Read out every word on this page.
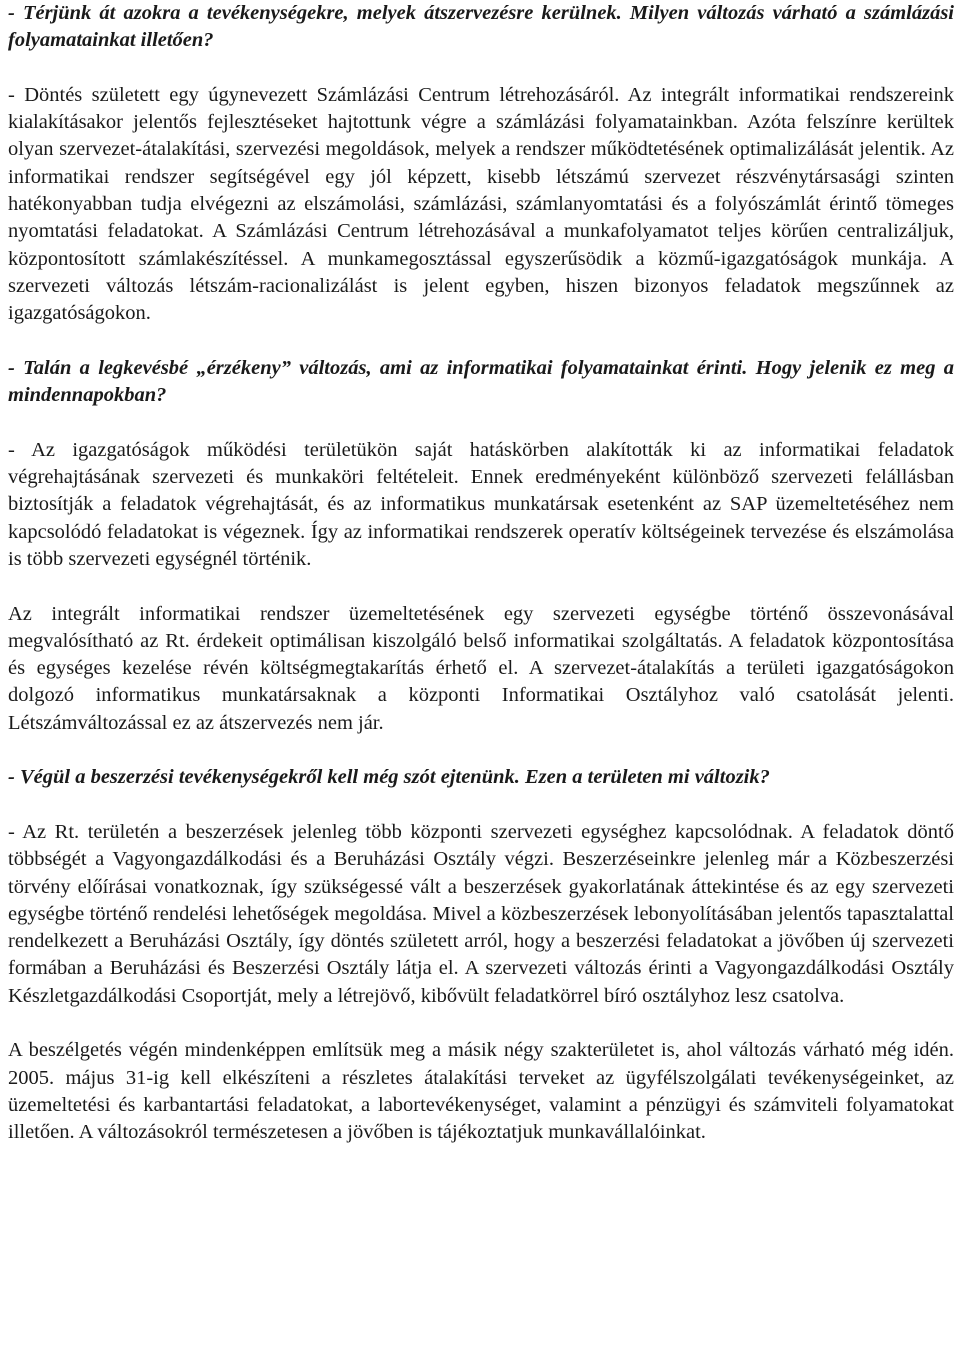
- Térjünk át azokra a tevékenységekre, melyek átszervezésre kerülnek. Milyen változás várható a számlázási folyamatainkat illetően?

- Döntés született egy úgynevezett Számlázási Centrum létrehozásáról. Az integrált informatikai rendszereink kialakításakor jelentős fejlesztéseket hajtottunk végre a számlázási folyamatainkban. Azóta felszínre kerültek olyan szervezet-átalakítási, szervezési megoldások, melyek a rendszer működtetésének optimalizálását jelentik. Az informatikai rendszer segítségével egy jól képzett, kisebb létszámú szervezet részvénytársasági szinten hatékonyabban tudja elvégezni az elszámolási, számlázási, számlanyomtatási és a folyószámlát érintő tömeges nyomtatási feladatokat. A Számlázási Centrum létrehozásával a munkafolyamatot teljes körűen centralizáljuk, központosított számlakészítéssel. A munkamegosztással egyszerűsödik a közmű-igazgatóságok munkája. A szervezeti változás létszám-racionalizálást is jelent egyben, hiszen bizonyos feladatok megszűnnek az igazgatóságokon.

- Talán a legkevésbé „érzékeny” változás, ami az informatikai folyamatainkat érinti. Hogy jelenik ez meg a mindennapokban?

- Az igazgatóságok működési területükön saját hatáskörben alakították ki az informatikai feladatok végrehajtásának szervezeti és munkaköri feltételeit. Ennek eredményeként különböző szervezeti felállásban biztosítják a feladatok végrehajtását, és az informatikus munkatársak esetenként az SAP üzemeltetéséhez nem kapcsolódó feladatokat is végeznek. Így az informatikai rendszerek operatív költségeinek tervezése és elszámolása is több szervezeti egységnél történik.

Az integrált informatikai rendszer üzemeltetésének egy szervezeti egységbe történő összevonásával megvalósítható az Rt. érdekeit optimálisan kiszolgáló belső informatikai szolgáltatás. A feladatok központosítása és egységes kezelése révén költségmegtakarítás érhető el. A szervezet-átalakítás a területi igazgatóságokon dolgozó informatikus munkatársaknak a központi Informatikai Osztályhoz való csatolását jelenti. Létszámváltozással ez az átszervezés nem jár.

- Végül a beszerzési tevékenységekről kell még szót ejtenünk. Ezen a területen mi változik?

- Az Rt. területén a beszerzések jelenleg több központi szervezeti egységhez kapcsolódnak. A feladatok döntő többségét a Vagyongazdálkodási és a Beruházási Osztály végzi. Beszerzéseinkre jelenleg már a Közbeszerzési törvény előírásai vonatkoznak, így szükségessé vált a beszerzések gyakorlatának áttekintése és az egy szervezeti egységbe történő rendelési lehetőségek megoldása. Mivel a közbeszerzések lebonyolításában jelentős tapasztalattal rendelkezett a Beruházási Osztály, így döntés született arról, hogy a beszerzési feladatokat a jövőben új szervezeti formában a Beruházási és Beszerzési Osztály látja el. A szervezeti változás érinti a Vagyongazdálkodási Osztály Készletgazdálkodási Csoportját, mely a létrejövő, kibővült feladatkörrel bíró osztályhoz lesz csatolva.

A beszélgetés végén mindenképpen említsük meg a másik négy szakterületet is, ahol változás várható még idén. 2005. május 31-ig kell elkészíteni a részletes átalakítási terveket az ügyfélszolgálati tevékenységeinket, az üzemeltetési és karbantartási feladatokat, a labortevékenységet, valamint a pénzügyi és számviteli folyamatokat illetően. A változásokról természetesen a jövőben is tájékoztatjuk munkavállalóinkat.
